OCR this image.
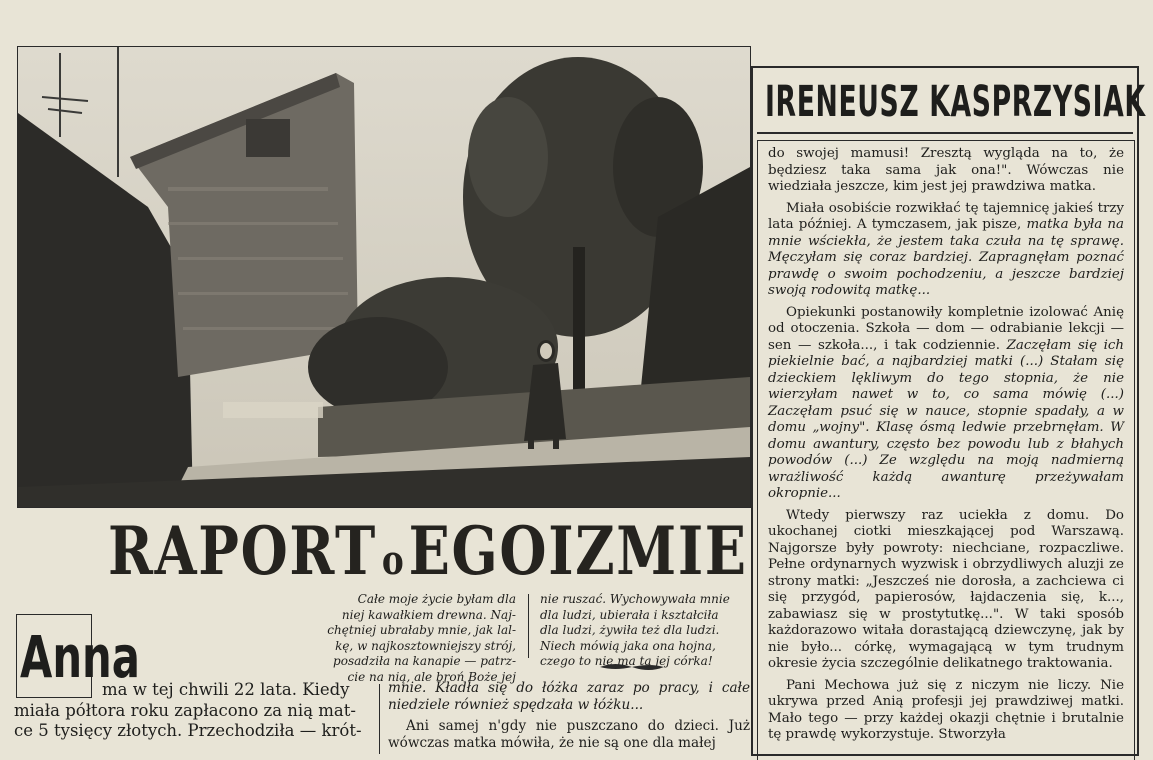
IRENEUSZ KASPRZYSIAK

do swojej mamusi! Zresztą wygląda na to, że będziesz taka sama jak ona!". Wówczas nie wiedziała jeszcze, kim jest jej prawdziwa matka.

Miała osobiście rozwikłać tę tajemnicę jakieś trzy lata później. A tymczasem, jak pisze, matka była na mnie wściekła, że jestem taka czuła na tę sprawę. Męczyłam się coraz bardziej. Zapragnęłam poznać prawdę o swoim pochodzeniu, a jeszcze bardziej swoją rodowitą matkę...

Opiekunki postanowiły kompletnie izolować Anię od otoczenia. Szkoła — dom — odrabianie lekcji — sen — szkoła..., i tak codziennie. Zaczęłam się ich piekielnie bać, a najbardziej matki (...) Stałam się dzieckiem lękliwym do tego stopnia, że nie wierzyłam nawet w to, co sama mówię (...) Zaczęłam psuć się w nauce, stopnie spadały, a w domu „wojny". Klasę ósmą ledwie przebrnęłam. W domu awantury, często bez powodu lub z błahych powodów (...) Ze względu na moją nadmierną wrażliwość każdą awanturę przeżywałam okropnie...

Wtedy pierwszy raz uciekła z domu. Do ukochanej ciotki mieszkającej pod Warszawą. Najgorsze były powroty: niechciane, rozpaczliwe. Pełne ordynarnych wyzwisk i obrzydliwych aluzji ze strony matki: „Jeszcześ nie dorosła, a zachciewa ci się przygód, papierosów, łajdaczenia się, k..., zabawiasz się w prostytutkę...". W taki sposób każdorazowo witała dorastającą dziewczynę, jak by nie było... córkę, wymagającą w tym trudnym okresie życia szczególnie delikatnego traktowania.

Pani Mechowa już się z niczym nie liczy. Nie ukrywa przed Anią profesji jej prawdziwej matki. Mało tego — przy każdej okazji chętnie i brutalnie tę prawdę wykorzystuje. Stworzyła

RAPORT oEGOIZMIE
Całe moje życie byłam dla
niej kawałkiem drewna. Naj-
chętniej ubrałaby mnie, jak lal-
kę, w najkosztowniejszy strój,
posadziła na kanapie — patrz-
cie na nią, ale broń Boże jej
nie ruszać. Wychowywała mnie
dla ludzi, ubierała i kształciła
dla ludzi, żywiła też dla ludzi.
Niech mówią jaka ona hojna,
czego to nie ma ta jej córka!
Anna
ma w tej chwili 22 lata. Kiedy
miała półtora roku zapłacono za nią mat-
ce 5 tysięcy złotych. Przechodziła — krót-

mnie. Kładła się do łóżka zaraz po pracy, i całe niedziele również spędzała w łóżku...

Ani samej n'gdy nie puszczano do dzieci. Już wówczas matka mówiła, że nie są one dla małej
